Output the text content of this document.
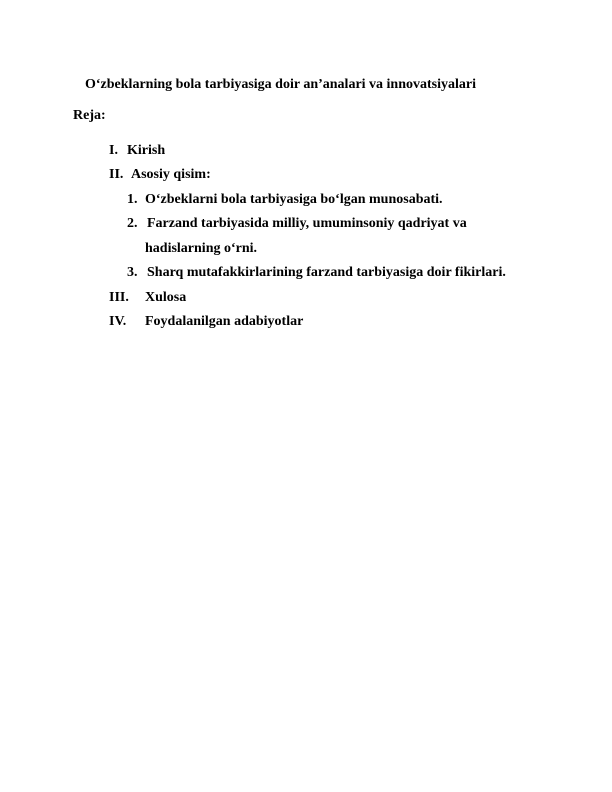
O‘zbeklarning bola tarbiyasiga doir an’analari va innovatsiyalari
Reja:
I. Kirish
II. Asosiy qisim:
1. O‘zbeklarni bola tarbiyasiga bo‘lgan munosabati.
2. Farzand tarbiyasida milliy, umuminsoniy qadriyat va
hadislarning o‘rni.
3. Sharq mutafakkirlarining farzand tarbiyasiga doir fikirlari.
III. Xulosa
IV. Foydalanilgan adabiyotlar
